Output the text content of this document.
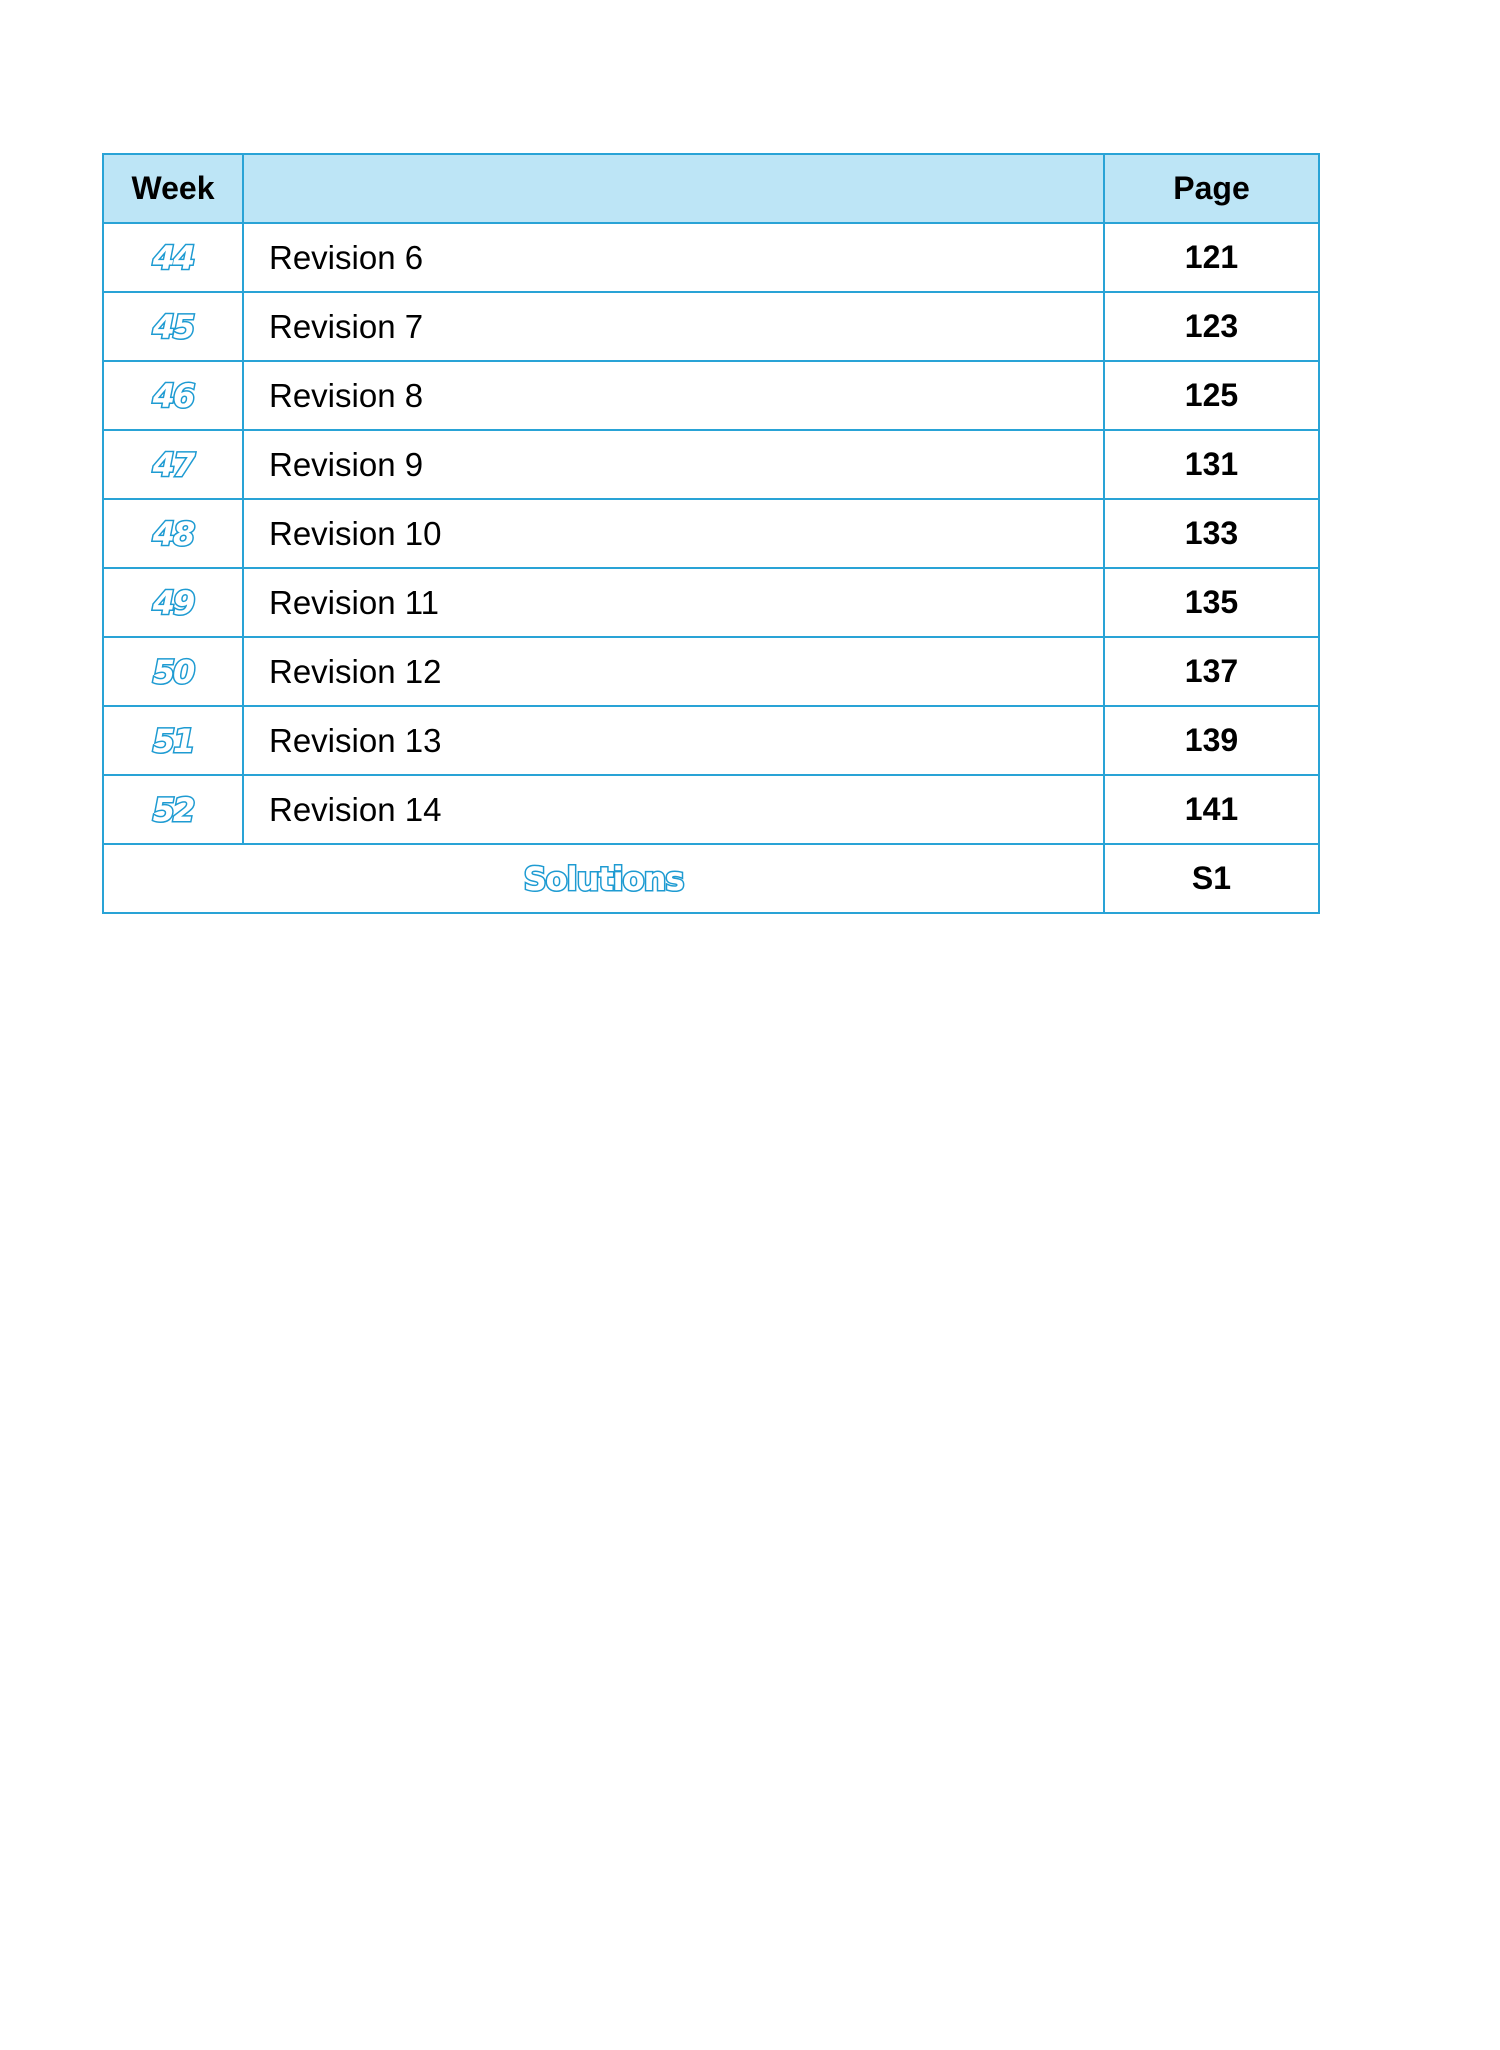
Week		Page
44	Revision 6	121
45	Revision 7	123
46	Revision 8	125
47	Revision 9	131
48	Revision 10	133
49	Revision 11	135
50	Revision 12	137
51	Revision 13	139
52	Revision 14	141
Solutions		S1
